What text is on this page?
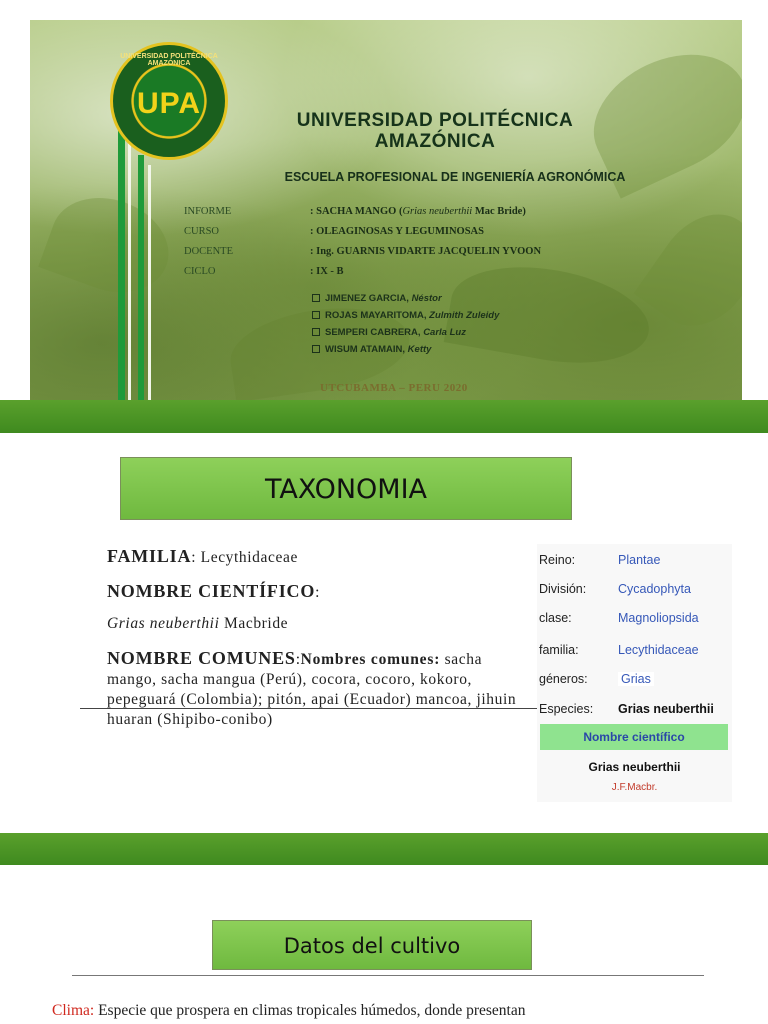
UNIVERSIDAD POLITÉCNICA AMAZÓNICA
UPA
UNIVERSIDAD POLITÉCNICA
AMAZÓNICA
ESCUELA PROFESIONAL DE INGENIERÍA AGRONÓMICA
INFORME	: SACHA MANGO (Grias neuberthii Mac Bride)
CURSO	: OLEAGINOSAS Y LEGUMINOSAS
DOCENTE	: Ing. GUARNIS VIDARTE JACQUELIN YVOON
CICLO	: IX - B
JIMENEZ GARCIA, Néstor
ROJAS MAYARITOMA, Zulmith Zuleidy
SEMPERI CABRERA, Carla Luz
WISUM ATAMAIN, Ketty
UTCUBAMBA – PERU 2020
TAXONOMIA
FAMILIA: Lecythidaceae
NOMBRE CIENTÍFICO:
Grias neuberthii Macbride
NOMBRE COMUNES:Nombres comunes: sacha mango, sacha mangua (Perú), cocora, cocoro, kokoro, pepeguará (Colombia); pitón, apai (Ecuador) mancoa, jihuin huaran (Shipibo-conibo)
Reino:	Plantae
División:	Cycadophyta
clase:	Magnoliopsida
familia:	Lecythidaceae
géneros:	Grias
Especies: Grias neuberthii
Nombre científico
Grias neuberthii
J.F.Macbr.
Datos del cultivo
Clima: Especie que prospera en climas tropicales húmedos, donde presentan
